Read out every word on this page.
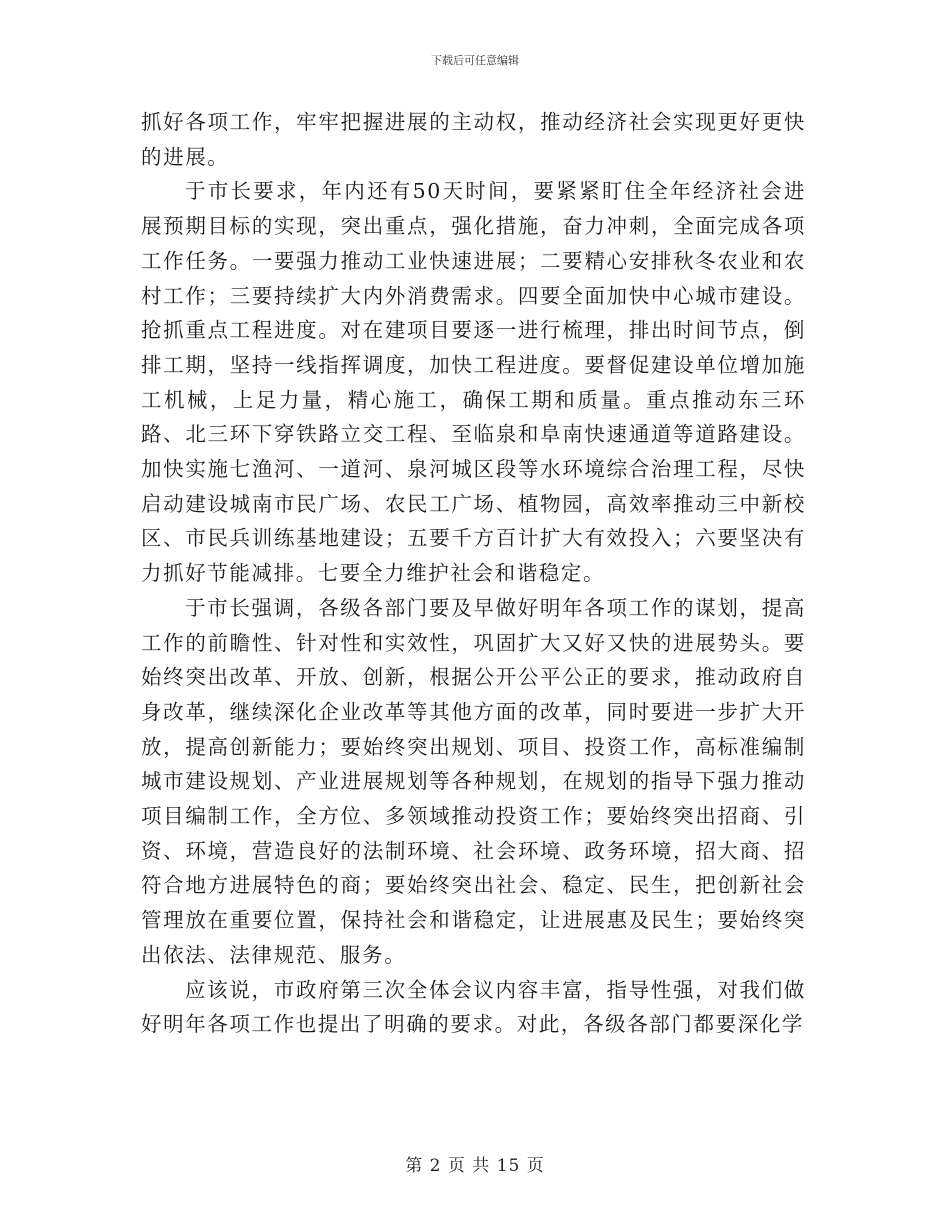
下载后可任意编辑

抓好各项工作，牢牢把握进展的主动权，推动经济社会实现更好更快的进展。

于市长要求，年内还有50天时间，要紧紧盯住全年经济社会进展预期目标的实现，突出重点，强化措施，奋力冲刺，全面完成各项工作任务。一要强力推动工业快速进展；二要精心安排秋冬农业和农村工作；三要持续扩大内外消费需求。四要全面加快中心城市建设。抢抓重点工程进度。对在建项目要逐一进行梳理，排出时间节点，倒排工期，坚持一线指挥调度，加快工程进度。要督促建设单位增加施工机械，上足力量，精心施工，确保工期和质量。重点推动东三环路、北三环下穿铁路立交工程、至临泉和阜南快速通道等道路建设。加快实施七渔河、一道河、泉河城区段等水环境综合治理工程，尽快启动建设城南市民广场、农民工广场、植物园，高效率推动三中新校区、市民兵训练基地建设；五要千方百计扩大有效投入；六要坚决有力抓好节能减排。七要全力维护社会和谐稳定。

于市长强调，各级各部门要及早做好明年各项工作的谋划，提高工作的前瞻性、针对性和实效性，巩固扩大又好又快的进展势头。要始终突出改革、开放、创新，根据公开公平公正的要求，推动政府自身改革，继续深化企业改革等其他方面的改革，同时要进一步扩大开放，提高创新能力；要始终突出规划、项目、投资工作，高标准编制城市建设规划、产业进展规划等各种规划，在规划的指导下强力推动项目编制工作，全方位、多领域推动投资工作；要始终突出招商、引资、环境，营造良好的法制环境、社会环境、政务环境，招大商、招符合地方进展特色的商；要始终突出社会、稳定、民生，把创新社会管理放在重要位置，保持社会和谐稳定，让进展惠及民生；要始终突出依法、法律规范、服务。

应该说，市政府第三次全体会议内容丰富，指导性强，对我们做好明年各项工作也提出了明确的要求。对此，各级各部门都要深化学

第 2 页 共 15 页
